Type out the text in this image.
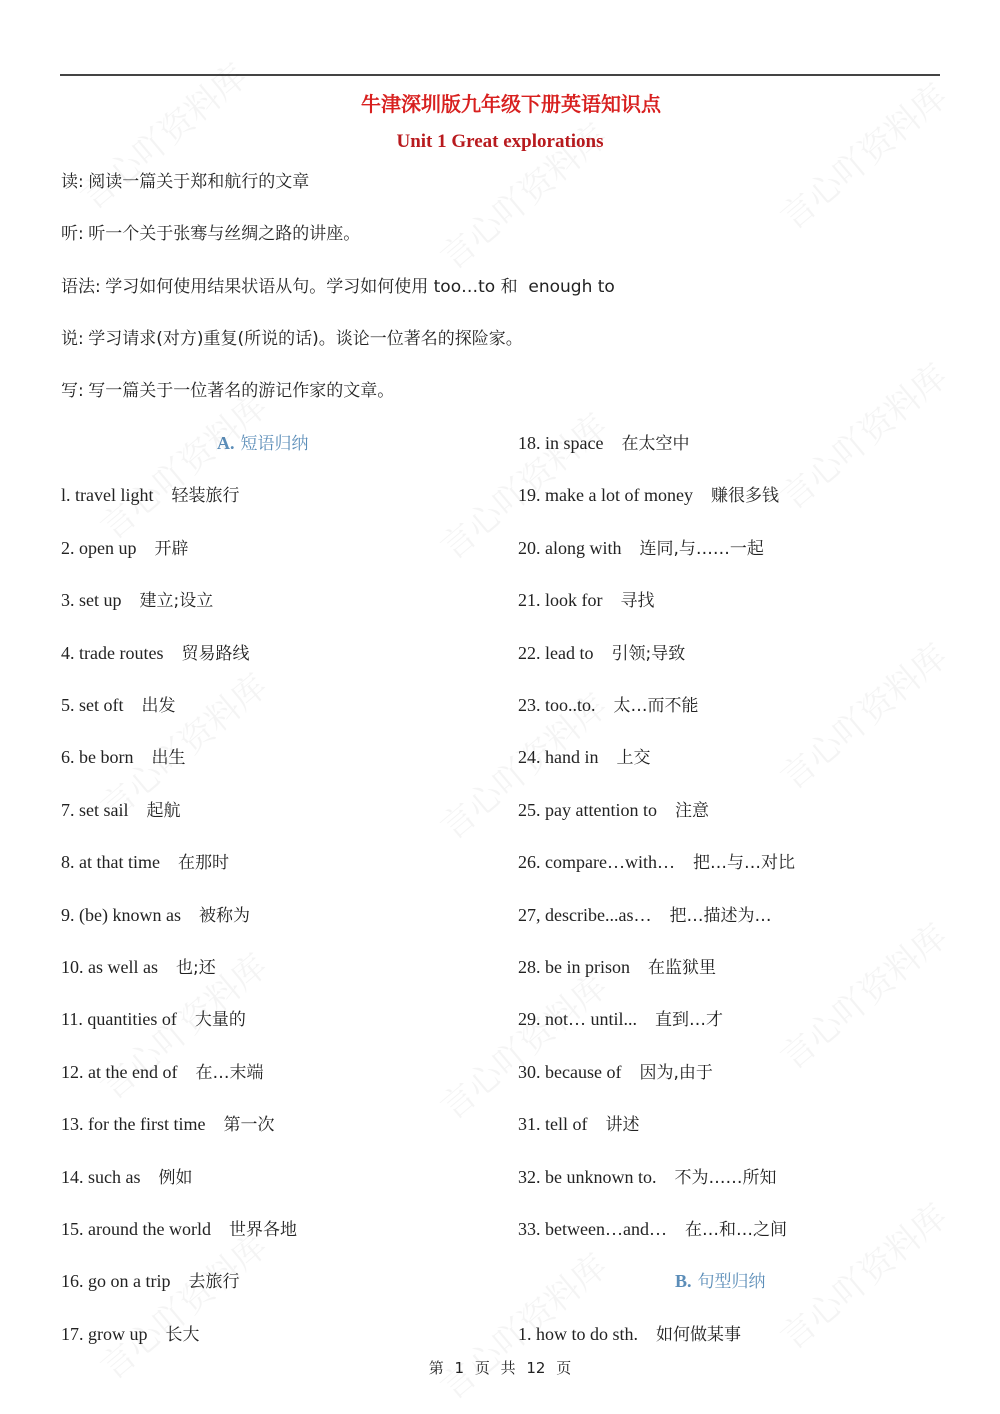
牛津深圳版九年级下册英语知识点
Unit 1 Great explorations
读: 阅读一篇关于郑和航行的文章
听: 听一个关于张骞与丝绸之路的讲座。
语法: 学习如何使用结果状语从句。学习如何使用 too…to 和  enough to
说: 学习请求(对方)重复(所说的话)。谈论一位著名的探险家。
写: 写一篇关于一位著名的游记作家的文章。
A. 短语归纳
l. travel light 轻装旅行
2. open up 开辟
3. set up 建立;设立
4. trade routes 贸易路线
5. set oft 出发
6. be born 出生
7. set sail 起航
8. at that time 在那时
9. (be) known as 被称为
10. as well as 也;还
11. quantities of 大量的
12. at the end of 在…末端
13. for the first time 第一次
14. such as 例如
15. around the world 世界各地
16. go on a trip 去旅行
17. grow up 长大
18. in space 在太空中
19. make a lot of money 赚很多钱
20. along with 连同,与……一起
21. look for 寻找
22. lead to 引领;导致
23. too..to. 太…而不能
24. hand in 上交
25. pay attention to 注意
26. compare…with… 把…与…对比
27, describe...as… 把…描述为…
28. be in prison 在监狱里
29. not… until... 直到…才
30. because of 因为,由于
31. tell of 讲述
32. be unknown to. 不为……所知
33. between…and… 在…和…之间
B. 句型归纳
1. how to do sth. 如何做某事
第 1 页 共 12 页
